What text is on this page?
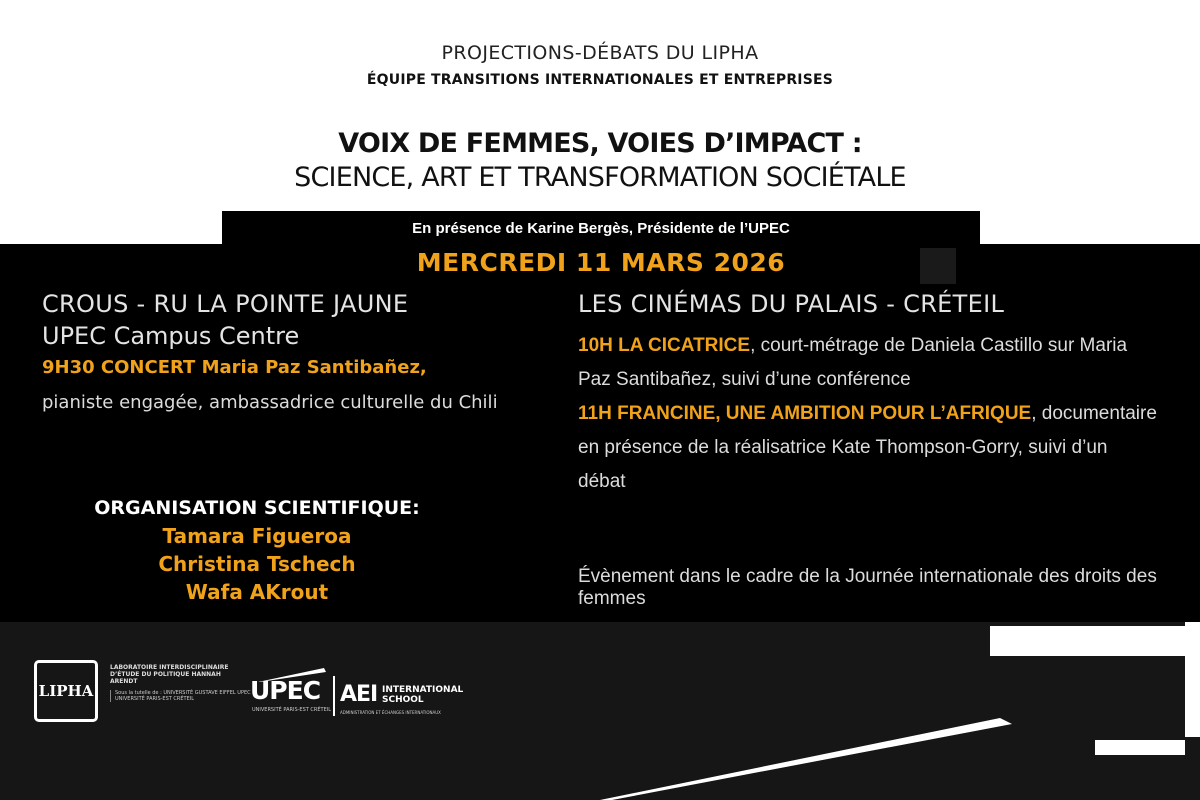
PROJECTIONS-DÉBATS DU LIPHA
ÉQUIPE TRANSITIONS INTERNATIONALES ET ENTREPRISES
VOIX DE FEMMES, VOIES D’IMPACT :
SCIENCE, ART ET TRANSFORMATION SOCIÉTALE
En présence de Karine Bergès, Présidente de l’UPEC
MERCREDI 11 MARS 2026
CROUS - RU LA POINTE JAUNE
UPEC Campus Centre
9H30 CONCERT Maria Paz Santibañez,
pianiste engagée, ambassadrice culturelle du Chili
ORGANISATION SCIENTIFIQUE:
Tamara Figueroa
Christina Tschech
Wafa AKrout
LES CINÉMAS DU PALAIS - CRÉTEIL
10H LA CICATRICE, court-métrage de Daniela Castillo sur Maria Paz Santibañez, suivi d’une conférence
11H FRANCINE, UNE AMBITION POUR L’AFRIQUE, documentaire en présence de la réalisatrice Kate Thompson-Gorry, suivi d’un débat
Évènement dans le cadre de la Journée internationale des droits des femmes
LIPHA
LABORATOIRE INTERDISCIPLINAIRE D’ÉTUDE DU POLITIQUE HANNAH ARENDT
Sous la tutelle de : UNIVERSITÉ GUSTAVE EIFFEL UPEC - UNIVERSITÉ PARIS-EST CRÉTEIL	UPEC
UNIVERSITÉ PARIS-EST CRÉTEIL
AEI INTERNATIONAL SCHOOL
ADMINISTRATION ET ÉCHANGES INTERNATIONAUX
